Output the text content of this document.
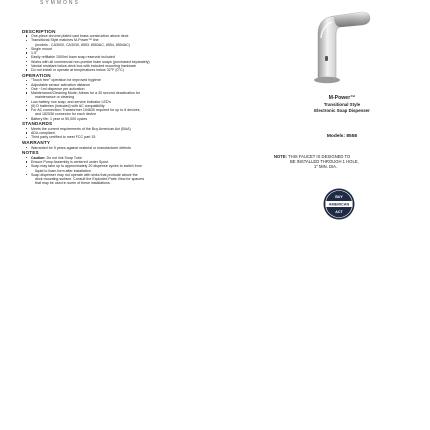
SYMMONS
DESCRIPTION
One-piece chrome plated cast brass construction above deck
Transitional Style matches M-Power™ line
(models - CA3000, CA3030, 8553, 8553AC, 8554, 8554AC)
Single mount
1.5"
Easily refillable 1500ml foam soap reservoir included
Works with all commercial non-pumice foam soaps (purchased separately)
Vandal resistant below-deck box with included mounting hardware
Do not install or operate at temperatures below 32°F (0°C)
OPERATION
"Touch free" operation for improved hygiene
Adjustable sensor activation distance
One ~1ml dispense per activation
Maintenance/Cleaning Mode: Allows for a 30 second deactivation for
maintenance or cleaning
Low battery, low soap, and service indicator LED's
(6) D batteries (included) with AC compatibility
For AC connection: Transformer 104630 required for up to 8 devices,
and 182536 connector for each device
Battery life: 1 year or 50,000 cycles
STANDARDS
Meets the current requirements of the Buy American Act (BAA)
ADA compliant
Third party certified to meet FCC part 15
WARRANTY
Warranted for 5 years against material or manufacturer defects
NOTES
Caution: Do not link Soap Tube
Ensure Pump Assembly is centered under Spout
Soap may take up to approximately 20 dispense cycles to switch from
liquid to foam form after installation.
Soap dispenser may not operate with sinks that protrude above the
deck mounting surface. Consult the Exploded Parts View for spacers
that may be used in some of these installations.
M-Power™
Transitional Style
Electronic Soap Dispenser
Models: 8558
NOTE: THIS FAUCET IS DESIGNED TO
BE INSTALLED THROUGH 1 HOLE,
1" MIN. DIA.
BUY
AMERICAN
ACT
